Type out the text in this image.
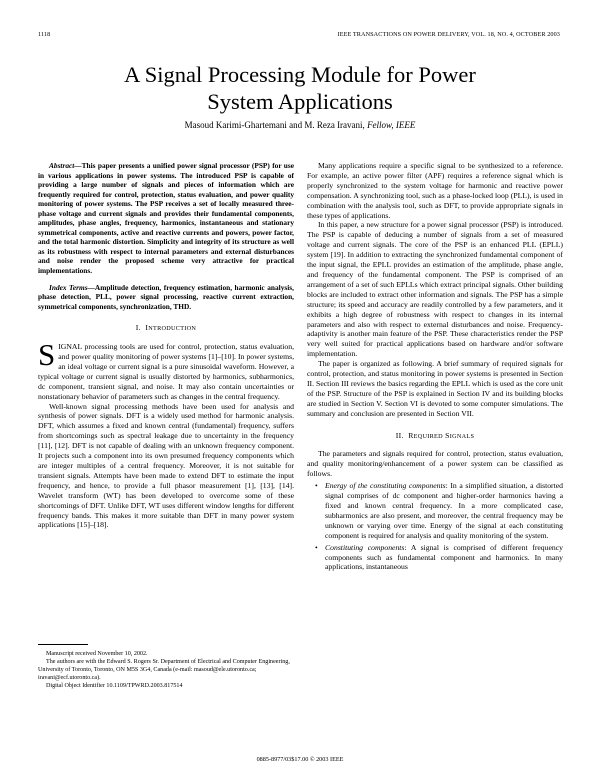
1118	IEEE TRANSACTIONS ON POWER DELIVERY, VOL. 18, NO. 4, OCTOBER 2003
A Signal Processing Module for Power
System Applications
Masoud Karimi-Ghartemani and M. Reza Iravani, Fellow, IEEE

Abstract—This paper presents a unified power signal processor (PSP) for use in various applications in power systems. The introduced PSP is capable of providing a large number of signals and pieces of information which are frequently required for control, protection, status evaluation, and power quality monitoring of power systems. The PSP receives a set of locally measured three-phase voltage and current signals and provides their fundamental components, amplitudes, phase angles, frequency, harmonics, instantaneous and stationary symmetrical components, active and reactive currents and powers, power factor, and the total harmonic distortion. Simplicity and integrity of its structure as well as its robustness with respect to internal parameters and external disturbances and noise render the proposed scheme very attractive for practical implementations.

Index Terms—Amplitude detection, frequency estimation, harmonic analysis, phase detection, PLL, power signal processing, reactive current extraction, symmetrical components, synchronization, THD.

I. INTRODUCTION

SIGNAL processing tools are used for control, protection, status evaluation, and power quality monitoring of power systems [1]–[10]. In power systems, an ideal voltage or current signal is a pure sinusoidal waveform. However, a typical voltage or current signal is usually distorted by harmonics, subharmonics, dc component, transient signal, and noise. It may also contain uncertainties or nonstationary behavior of parameters such as changes in the central frequency.

Well-known signal processing methods have been used for analysis and synthesis of power signals. DFT is a widely used method for harmonic analysis. DFT, which assumes a fixed and known central (fundamental) frequency, suffers from shortcomings such as spectral leakage due to uncertainty in the frequency [11], [12]. DFT is not capable of dealing with an unknown frequency component. It projects such a component into its own presumed frequency components which are integer multiples of a central frequency. Moreover, it is not suitable for transient signals. Attempts have been made to extend DFT to estimate the input frequency, and hence, to provide a full phasor measurement [1], [13], [14]. Wavelet transform (WT) has been developed to overcome some of these shortcomings of DFT. Unlike DFT, WT uses different window lengths for different frequency bands. This makes it more suitable than DFT in many power system applications [15]–[18].

Manuscript received November 10, 2002.

The authors are with the Edward S. Rogers Sr. Department of Electrical and Computer Engineering, University of Toronto, Toronto, ON M5S 3G4, Canada (e-mail: masoud@ele.utoronto.ca; iravani@ecf.utoronto.ca).

Digital Object Identifier 10.1109/TPWRD.2003.817514

Many applications require a specific signal to be synthesized to a reference. For example, an active power filter (APF) requires a reference signal which is properly synchronized to the system voltage for harmonic and reactive power compensation. A synchronizing tool, such as a phase-locked loop (PLL), is used in combination with the analysis tool, such as DFT, to provide appropriate signals in these types of applications.

In this paper, a new structure for a power signal processor (PSP) is introduced. The PSP is capable of deducing a number of signals from a set of measured voltage and current signals. The core of the PSP is an enhanced PLL (EPLL) system [19]. In addition to extracting the synchronized fundamental component of the input signal, the EPLL provides an estimation of the amplitude, phase angle, and frequency of the fundamental component. The PSP is comprised of an arrangement of a set of such EPLLs which extract principal signals. Other building blocks are included to extract other information and signals. The PSP has a simple structure; its speed and accuracy are readily controlled by a few parameters, and it exhibits a high degree of robustness with respect to changes in its internal parameters and also with respect to external disturbances and noise. Frequency-adaptivity is another main feature of the PSP. These characteristics render the PSP very well suited for practical applications based on hardware and/or software implementation.

The paper is organized as following. A brief summary of required signals for control, protection, and status monitoring in power systems is presented in Section II. Section III reviews the basics regarding the EPLL which is used as the core unit of the PSP. Structure of the PSP is explained in Section IV and its building blocks are studied in Section V. Section VI is devoted to some computer simulations. The summary and conclusion are presented in Section VII.

II. REQUIRED SIGNALS

The parameters and signals required for control, protection, status evaluation, and quality monitoring/enhancement of a power system can be classified as follows.

• Energy of the constituting components: In a simplified situation, a distorted signal comprises of dc component and higher-order harmonics having a fixed and known central frequency. In a more complicated case, subharmonics are also present, and moreover, the central frequency may be unknown or varying over time. Energy of the signal at each constituting component is required for analysis and quality monitoring of the system.
• Constituting components: A signal is comprised of different frequency components such as fundamental component and harmonics. In many applications, instantaneous
0885-8977/03$17.00 © 2003 IEEE
